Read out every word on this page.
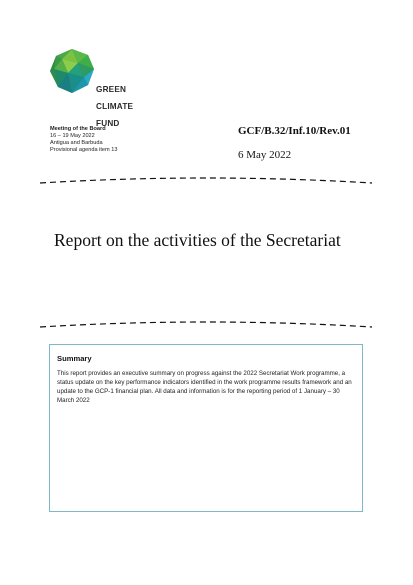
GREEN

CLIMATE

FUND

Meeting of the Board
16 – 19 May 2022
Antigua and Barbuda
Provisional agenda item 13
GCF/B.32/Inf.10/Rev.01
6 May 2022
Report on the activities of the Secretariat
Summary
This report provides an executive summary on progress against the 2022 Secretariat Work programme, a status update on the key performance indicators identified in the work programme results framework and an update to the GCP-1 financial plan. All data and information is for the reporting period of 1 January – 30 March 2022
